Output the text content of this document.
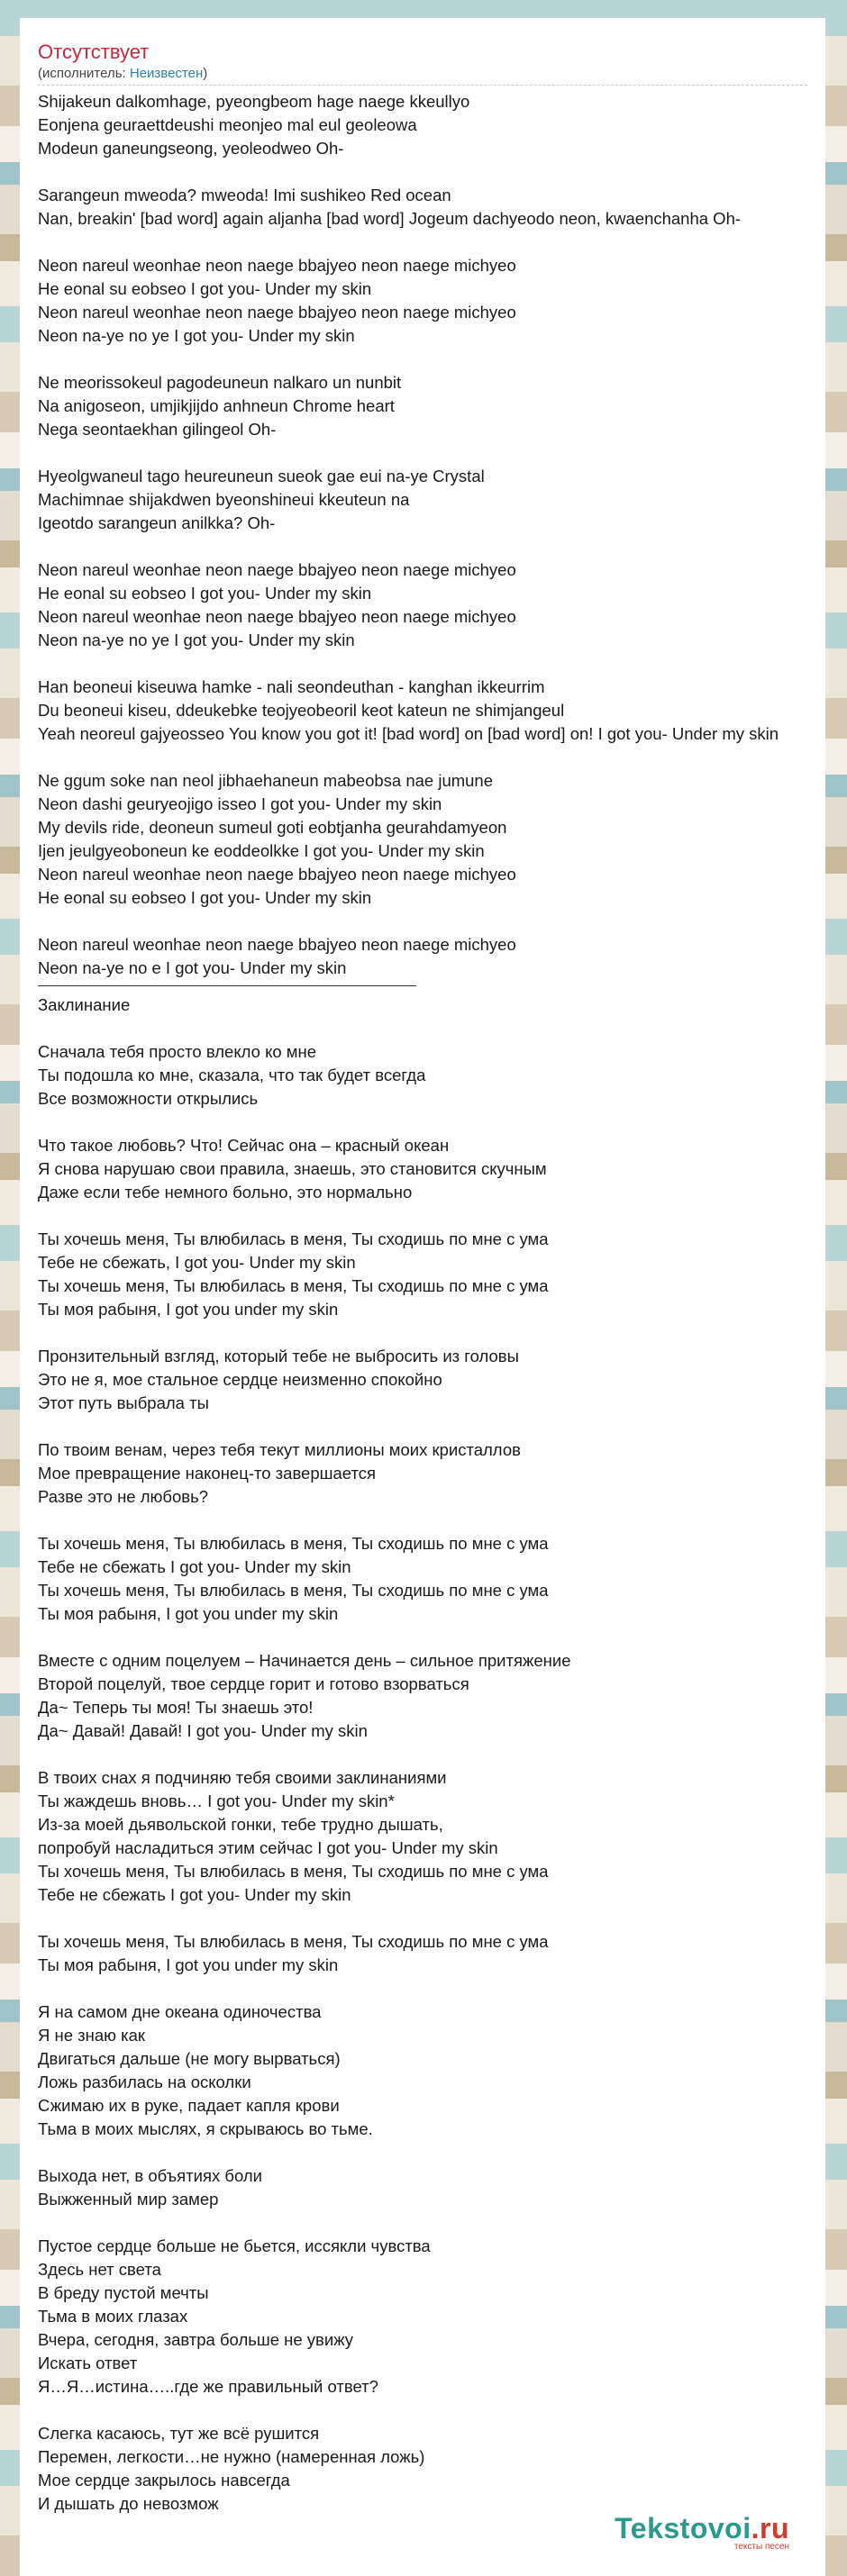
Отсутствует
(исполнитель: Неизвестен)
Shijakeun dalkomhage, pyeongbeom hage naege kkeullyo
Eonjena geuraettdeushi meonjeo mal eul geoleowa
Modeun ganeungseong, yeoleodweo Oh-
Sarangeun mweoda? mweoda! Imi sushikeo Red ocean
Nan, breakin' [bad word] again aljanha [bad word] Jogeum dachyeodo neon, kwaenchanha Oh-
Neon nareul weonhae neon naege bbajyeo neon naege michyeo
He eonal su eobseo I got you- Under my skin
Neon nareul weonhae neon naege bbajyeo neon naege michyeo
Neon na-ye no ye I got you- Under my skin
Ne meorissokeul pagodeuneun nalkaro un nunbit
Na anigoseon, umjikjijdo anhneun Chrome heart
Nega seontaekhan gilingeol Oh-
Hyeolgwaneul tago heureuneun sueok gae eui na-ye Crystal
Machimnae shijakdwen byeonshineui kkeuteun na
Igeotdo sarangeun anilkka? Oh-
Neon nareul weonhae neon naege bbajyeo neon naege michyeo
He eonal su eobseo I got you- Under my skin
Neon nareul weonhae neon naege bbajyeo neon naege michyeo
Neon na-ye no ye I got you- Under my skin
Han beoneui kiseuwa hamke - nali seondeuthan - kanghan ikkeurrim
Du beoneui kiseu, ddeukebke teojyeobeoril keot kateun ne shimjangeul
Yeah neoreul gajyeosseo You know you got it! [bad word] on [bad word] on! I got you- Under my skin
Ne ggum soke nan neol jibhaehaneun mabeobsa nae jumune
Neon dashi geuryeojigo isseo I got you- Under my skin
My devils ride, deoneun sumeul goti eobtjanha geurahdamyeon
Ijen jeulgyeoboneun ke eoddeolkke I got you- Under my skin
Neon nareul weonhae neon naege bbajyeo neon naege michyeo
He eonal su eobseo I got you- Under my skin
Neon nareul weonhae neon naege bbajyeo neon naege michyeo
Neon na-ye no e I got you- Under my skin
Заклинание
Сначала тебя просто влекло ко мне
Ты подошла ко мне, сказала, что так будет всегда
Все возможности открылись
Что такое любовь? Что! Сейчас она – красный океан
Я снова нарушаю свои правила, знаешь, это становится скучным
Даже если тебе немного больно, это нормально
Ты хочешь меня, Ты влюбилась в меня, Ты сходишь по мне с ума
Тебе не сбежать, I got you- Under my skin
Ты хочешь меня, Ты влюбилась в меня, Ты сходишь по мне с ума
Ты моя рабыня, I got you under my skin
Пронзительный взгляд, который тебе не выбросить из головы
Это не я, мое стальное сердце неизменно спокойно
Этот путь выбрала ты
По твоим венам, через тебя текут миллионы моих кристаллов
Мое превращение наконец-то завершается
Разве это не любовь?
Ты хочешь меня, Ты влюбилась в меня, Ты сходишь по мне с ума
Тебе не сбежать I got you- Under my skin
Ты хочешь меня, Ты влюбилась в меня, Ты сходишь по мне с ума
Ты моя рабыня, I got you under my skin
Вместе с одним поцелуем – Начинается день – сильное притяжение
Второй поцелуй, твое сердце горит и готово взорваться
Да~ Теперь ты моя! Ты знаешь это!
Да~ Давай! Давай! I got you- Under my skin
В твоих снах я подчиняю тебя своими заклинаниями
Ты жаждешь вновь… I got you- Under my skin*
Из-за моей дьявольской гонки, тебе трудно дышать,
попробуй насладиться этим сейчас I got you- Under my skin
Ты хочешь меня, Ты влюбилась в меня, Ты сходишь по мне с ума
Тебе не сбежать I got you- Under my skin
Ты хочешь меня, Ты влюбилась в меня, Ты сходишь по мне с ума
Ты моя рабыня, I got you under my skin
Я на самом дне океана одиночества
Я не знаю как
Двигаться дальше (не могу вырваться)
Ложь разбилась на осколки
Сжимаю их в руке, падает капля крови
Тьма в моих мыслях, я скрываюсь во тьме.
Выхода нет, в объятиях боли
Выжженный мир замер
Пустое сердце больше не бьется, иссякли чувства
Здесь нет света
В бреду пустой мечты
Тьма в моих глазах
Вчера, сегодня, завтра больше не увижу
Искать ответ
Я…Я…истина…..где же правильный ответ?
Слегка касаюсь, тут же всё рушится
Перемен, легкости…не нужно (намеренная ложь)
Мое сердце закрылось навсегда
И дышать до невозмож
Tekstovoi.ru
тексты песен
